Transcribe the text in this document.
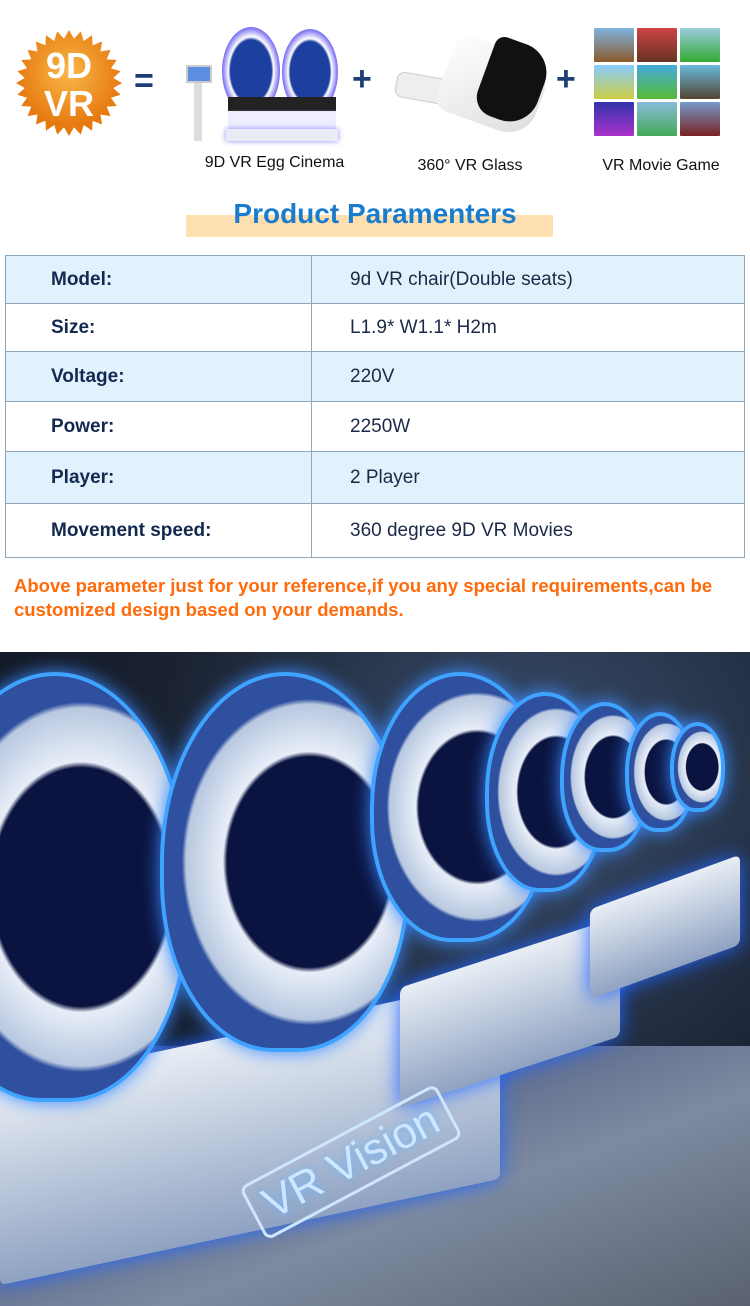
9D
VR
=
9D VR Egg Cinema
+
360° VR Glass
+
VR Movie Game
Product Paramenters
Model:	9d VR chair(Double seats)
Size:	L1.9* W1.1* H2m
Voltage:	220V
Power:	2250W
Player:	2 Player
Movement speed:	360 degree 9D VR Movies
Above parameter just for your reference,if you any special requirements,can be customized design based on your demands.
VR Vision
